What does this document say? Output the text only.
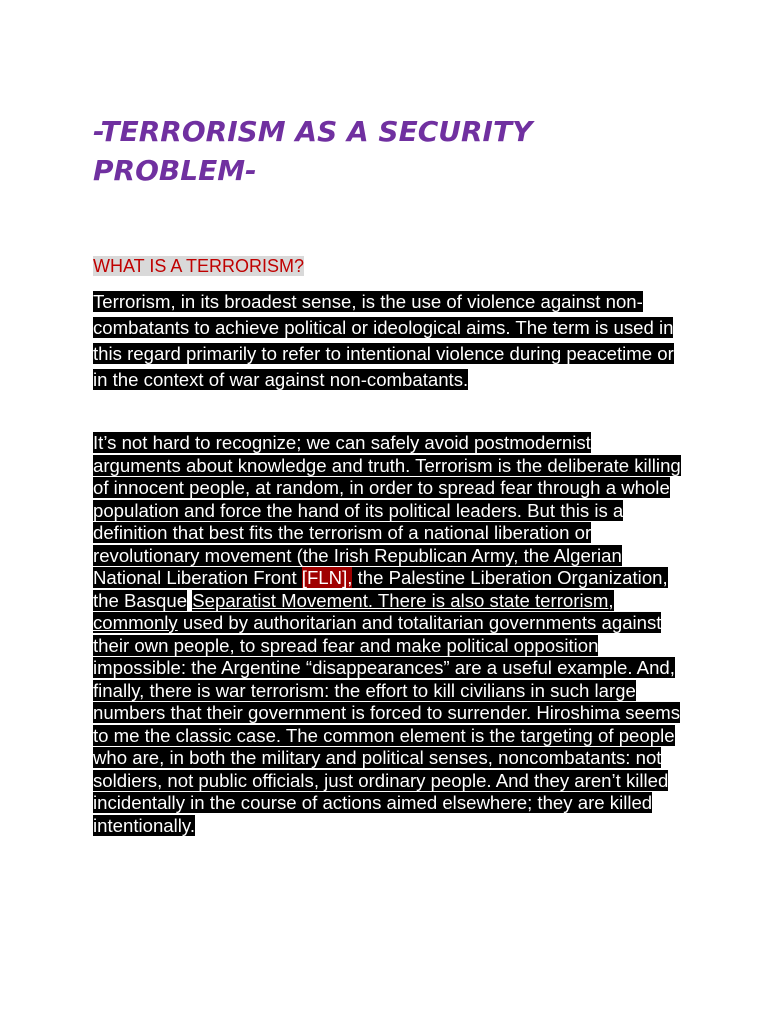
-TERRORISM AS A SECURITY PROBLEM-

WHAT IS A TERRORISM?

Terrorism, in its broadest sense, is the use of violence against non-combatants to achieve political or ideological aims. The term is used in this regard primarily to refer to intentional violence during peacetime or in the context of war against non-combatants.

It’s not hard to recognize; we can safely avoid postmodernist arguments about knowledge and truth. Terrorism is the deliberate killing of innocent people, at random, in order to spread fear through a whole population and force the hand of its political leaders. But this is a definition that best fits the terrorism of a national liberation or revolutionary movement (the Irish Republican Army, the Algerian National Liberation Front [FLN], the Palestine Liberation Organization, the Basque Separatist Movement. There is also state terrorism, commonly used by authoritarian and totalitarian governments against their own people, to spread fear and make political opposition impossible: the Argentine “disappearances” are a useful example. And, finally, there is war terrorism: the effort to kill civilians in such large numbers that their government is forced to surrender. Hiroshima seems to me the classic case. The common element is the targeting of people who are, in both the military and political senses, noncombatants: not soldiers, not public officials, just ordinary people. And they aren’t killed incidentally in the course of actions aimed elsewhere; they are killed intentionally.
